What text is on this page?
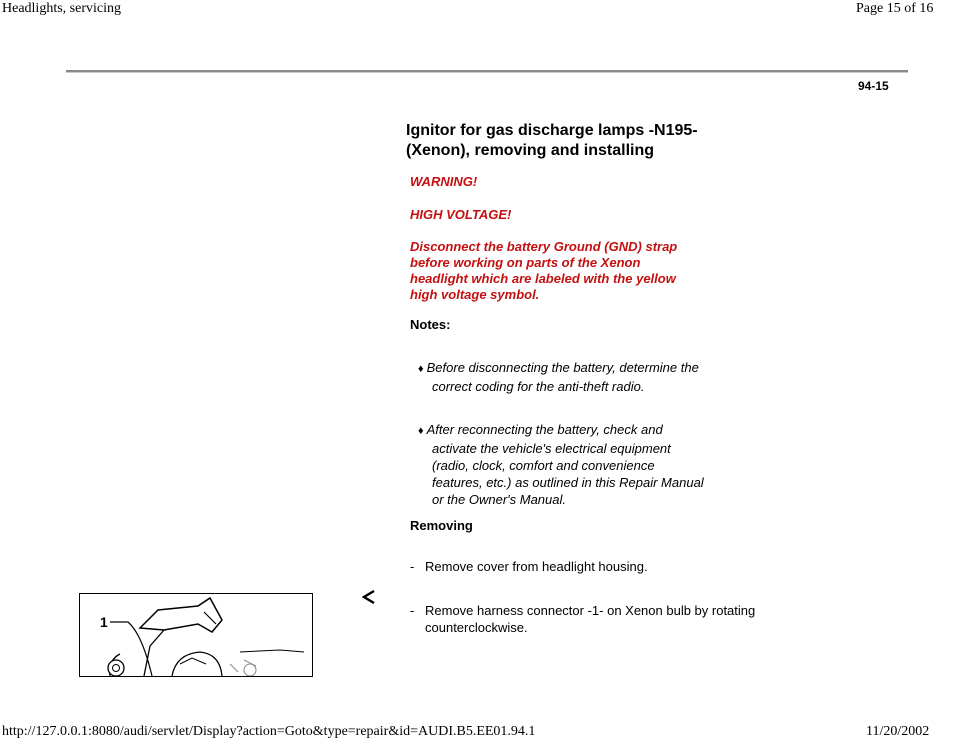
Headlights, servicing	Page 15 of 16
94-15
Ignitor for gas discharge lamps -N195-
(Xenon), removing and installing
WARNING!
HIGH VOLTAGE!
Disconnect the battery Ground (GND) strap
before working on parts of the Xenon
headlight which are labeled with the yellow
high voltage symbol.
Notes:
♦ Before disconnecting the battery, determine the
correct coding for the anti-theft radio.
♦ After reconnecting the battery, check and
activate the vehicle's electrical equipment
(radio, clock, comfort and convenience
features, etc.) as outlined in this Repair Manual
or the Owner's Manual.
Removing
- Remove cover from headlight housing.
- Remove harness connector -1- on Xenon bulb by rotating
counterclockwise.
1
http://127.0.0.1:8080/audi/servlet/Display?action=Goto&type=repair&id=AUDI.B5.EE01.94.1	11/20/2002
